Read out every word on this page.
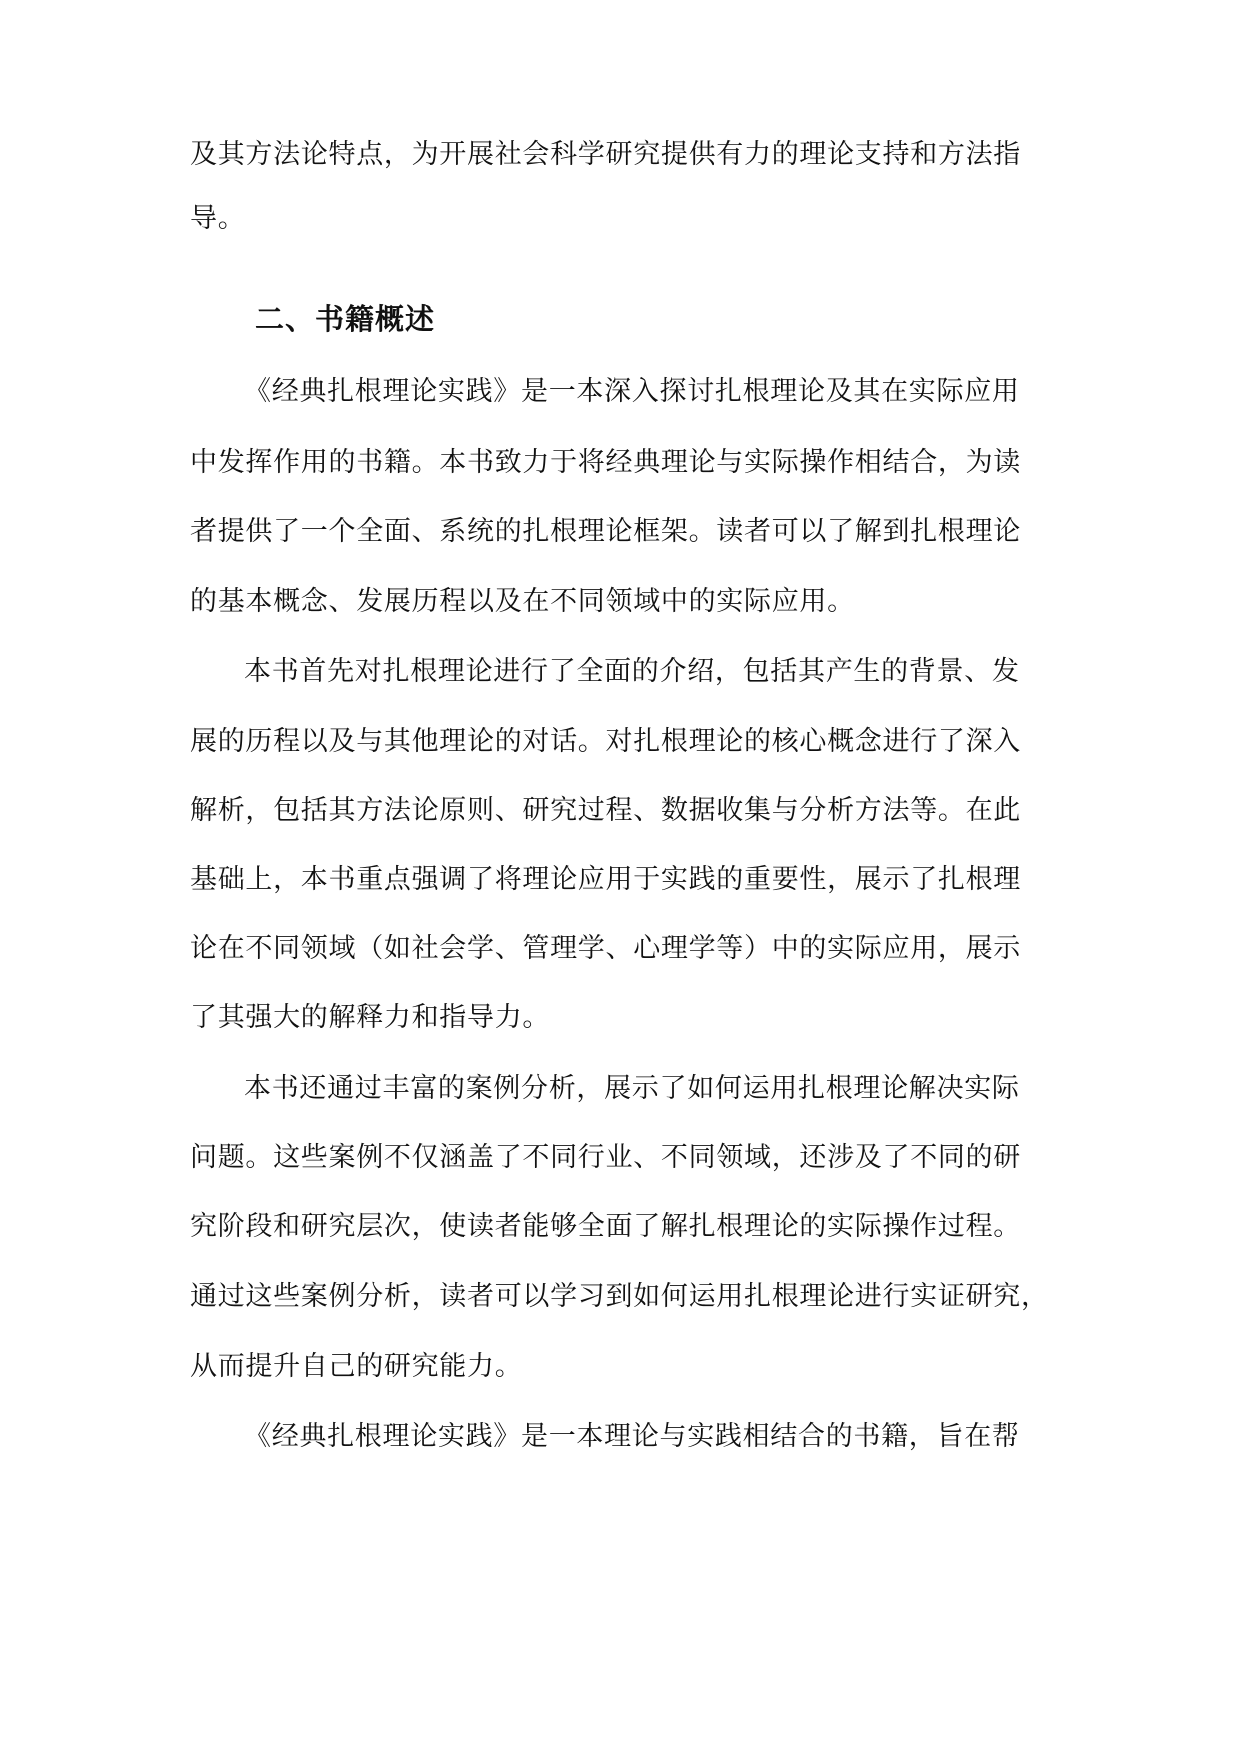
及其方法论特点，为开展社会科学研究提供有力的理论支持和方法指
导。
二、书籍概述
《经典扎根理论实践》是一本深入探讨扎根理论及其在实际应用
中发挥作用的书籍。本书致力于将经典理论与实际操作相结合，为读
者提供了一个全面、系统的扎根理论框架。读者可以了解到扎根理论
的基本概念、发展历程以及在不同领域中的实际应用。
本书首先对扎根理论进行了全面的介绍，包括其产生的背景、发
展的历程以及与其他理论的对话。对扎根理论的核心概念进行了深入
解析，包括其方法论原则、研究过程、数据收集与分析方法等。在此
基础上，本书重点强调了将理论应用于实践的重要性，展示了扎根理
论在不同领域（如社会学、管理学、心理学等）中的实际应用，展示
了其强大的解释力和指导力。
本书还通过丰富的案例分析，展示了如何运用扎根理论解决实际
问题。这些案例不仅涵盖了不同行业、不同领域，还涉及了不同的研
究阶段和研究层次，使读者能够全面了解扎根理论的实际操作过程。
通过这些案例分析，读者可以学习到如何运用扎根理论进行实证研究，
从而提升自己的研究能力。
《经典扎根理论实践》是一本理论与实践相结合的书籍，旨在帮
